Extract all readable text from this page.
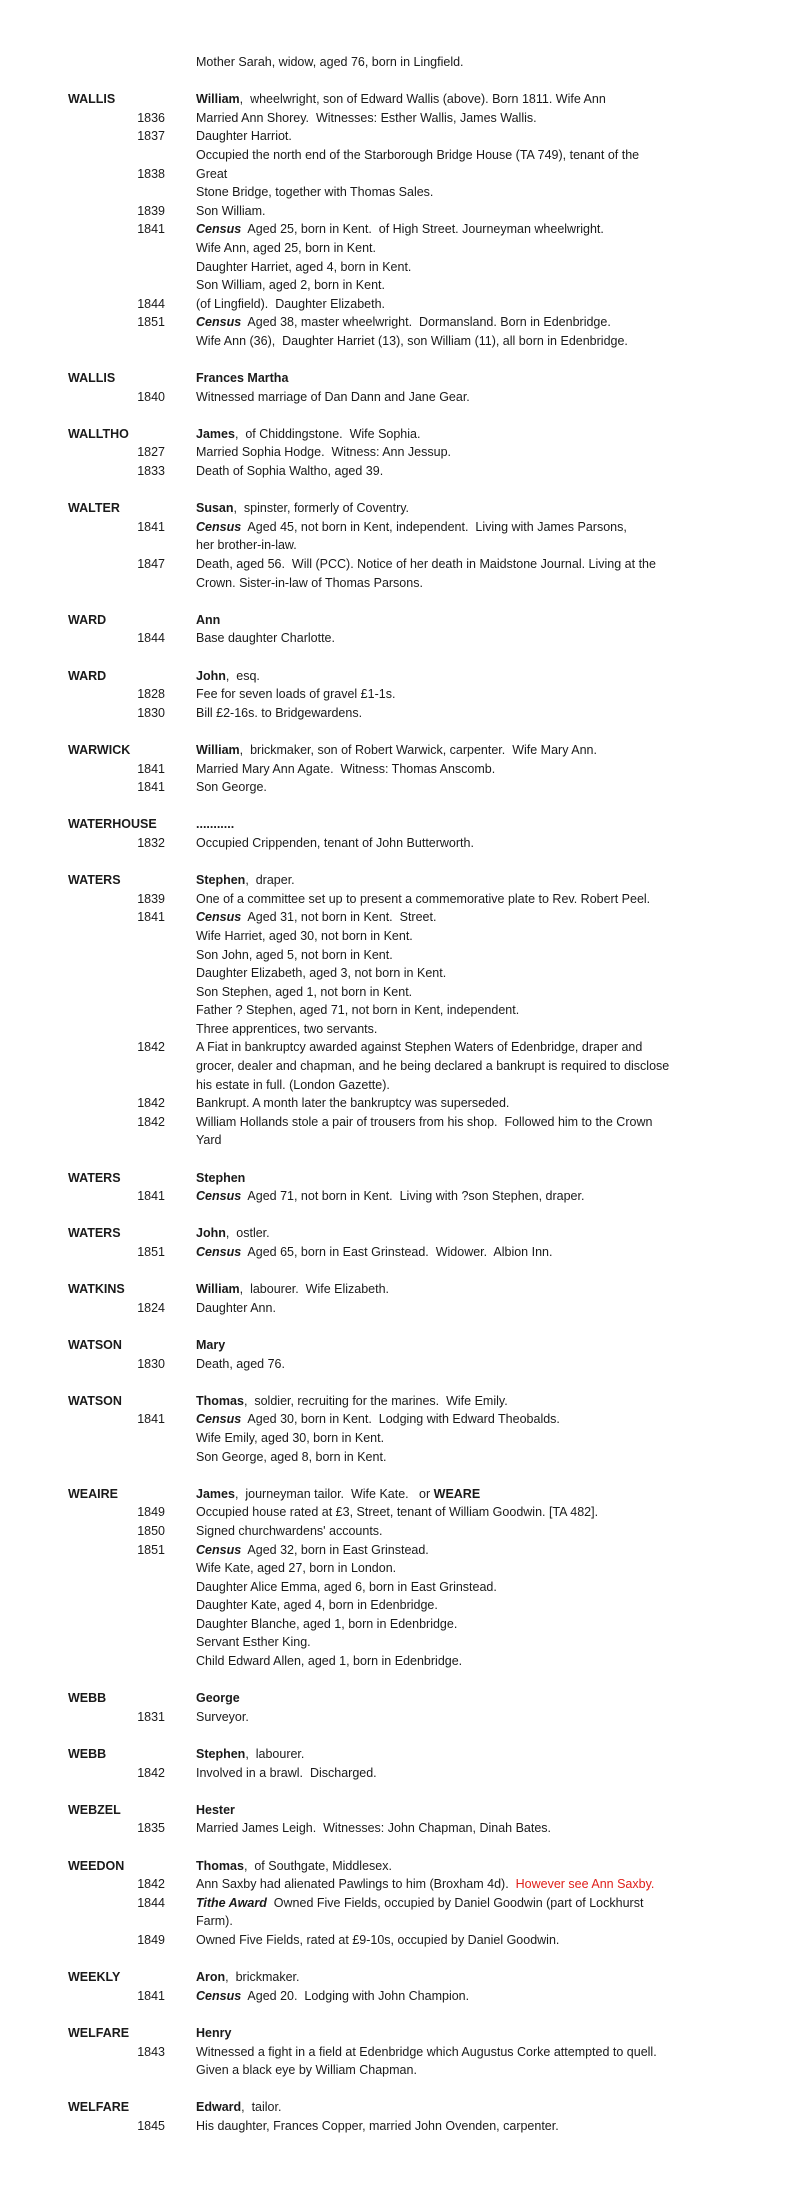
Mother Sarah, widow, aged 76, born in Lingfield.
WALLIS	William,  wheelwright, son of Edward Wallis (above). Born 1811. Wife Ann
1836 Married Ann Shorey.  Witnesses: Esther Wallis, James Wallis.
1837 Daughter Harriot.
Occupied the north end of the Starborough Bridge House (TA 749), tenant of the
1838 Great
Stone Bridge, together with Thomas Sales.
1839 Son William.
1841 Census  Aged 25, born in Kent.  of High Street. Journeyman wheelwright.
Wife Ann, aged 25, born in Kent.
Daughter Harriet, aged 4, born in Kent.
Son William, aged 2, born in Kent.
1844 (of Lingfield).  Daughter Elizabeth.
1851 Census  Aged 38, master wheelwright.  Dormansland. Born in Edenbridge.
Wife Ann (36),  Daughter Harriet (13), son William (11), all born in Edenbridge.
WALLIS	Frances Martha
1840 Witnessed marriage of Dan Dann and Jane Gear.
WALLTHO	James,  of Chiddingstone.  Wife Sophia.
1827 Married Sophia Hodge.  Witness: Ann Jessup.
1833 Death of Sophia Waltho, aged 39.
WALTER	Susan,  spinster, formerly of Coventry.
1841 Census  Aged 45, not born in Kent, independent.  Living with James Parsons,
her brother-in-law.
1847 Death, aged 56.  Will (PCC). Notice of her death in Maidstone Journal. Living at the
Crown. Sister-in-law of Thomas Parsons.
WARD	Ann
1844 Base daughter Charlotte.
WARD	John,  esq.
1828 Fee for seven loads of gravel £1-1s.
1830 Bill £2-16s. to Bridgewardens.
WARWICK	William,  brickmaker, son of Robert Warwick, carpenter.  Wife Mary Ann.
1841 Married Mary Ann Agate.  Witness: Thomas Anscomb.
1841 Son George.
WATERHOUSE	...........
1832 Occupied Crippenden, tenant of John Butterworth.
WATERS	Stephen,  draper.
1839 One of a committee set up to present a commemorative plate to Rev. Robert Peel.
1841 Census  Aged 31, not born in Kent.  Street.
Wife Harriet, aged 30, not born in Kent.
Son John, aged 5, not born in Kent.
Daughter Elizabeth, aged 3, not born in Kent.
Son Stephen, aged 1, not born in Kent.
Father ? Stephen, aged 71, not born in Kent, independent.
Three apprentices, two servants.
1842 A Fiat in bankruptcy awarded against Stephen Waters of Edenbridge, draper and
grocer, dealer and chapman, and he being declared a bankrupt is required to disclose
his estate in full. (London Gazette).
1842 Bankrupt. A month later the bankruptcy was superseded.
1842 William Hollands stole a pair of trousers from his shop.  Followed him to the Crown
Yard
WATERS	Stephen
1841 Census  Aged 71, not born in Kent.  Living with ?son Stephen, draper.
WATERS	John,  ostler.
1851 Census  Aged 65, born in East Grinstead.  Widower.  Albion Inn.
WATKINS	William,  labourer.  Wife Elizabeth.
1824 Daughter Ann.
WATSON	Mary
1830 Death, aged 76.
WATSON	Thomas,  soldier, recruiting for the marines.  Wife Emily.
1841 Census  Aged 30, born in Kent.  Lodging with Edward Theobalds.
Wife Emily, aged 30, born in Kent.
Son George, aged 8, born in Kent.
WEAIRE	James,  journeyman tailor.  Wife Kate.   or WEARE
1849 Occupied house rated at £3, Street, tenant of William Goodwin. [TA 482].
1850 Signed churchwardens' accounts.
1851 Census  Aged 32, born in East Grinstead.
Wife Kate, aged 27, born in London.
Daughter Alice Emma, aged 6, born in East Grinstead.
Daughter Kate, aged 4, born in Edenbridge.
Daughter Blanche, aged 1, born in Edenbridge.
Servant Esther King.
Child Edward Allen, aged 1, born in Edenbridge.
WEBB	George
1831 Surveyor.
WEBB	Stephen,  labourer.
1842 Involved in a brawl.  Discharged.
WEBZEL	Hester
1835 Married James Leigh.  Witnesses: John Chapman, Dinah Bates.
WEEDON	Thomas,  of Southgate, Middlesex.
1842 Ann Saxby had alienated Pawlings to him (Broxham 4d).  However see Ann Saxby.
1844 Tithe Award  Owned Five Fields, occupied by Daniel Goodwin (part of Lockhurst
Farm).
1849 Owned Five Fields, rated at £9-10s, occupied by Daniel Goodwin.
WEEKLY	Aron,  brickmaker.
1841 Census  Aged 20.  Lodging with John Champion.
WELFARE	Henry
1843 Witnessed a fight in a field at Edenbridge which Augustus Corke attempted to quell.
Given a black eye by William Chapman.
WELFARE	Edward,  tailor.
1845 His daughter, Frances Copper, married John Ovenden, carpenter.
